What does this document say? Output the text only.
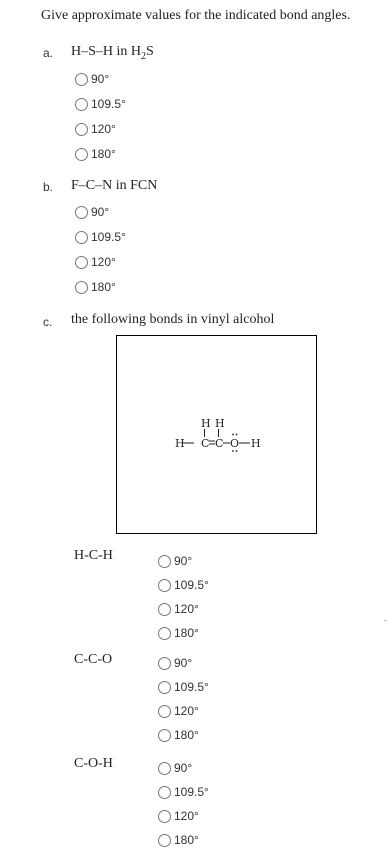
Give approximate values for the indicated bond angles.
a. H–S–H in $H_2S$
90°
109.5°
120°
180°
b. F–C–N in FCN
90°
109.5°
120°
180°
c. the following bonds in vinyl alcohol
H H
H C C O H
H-C-H	90°
109.5°
120°
180°
C-C-O	90°
109.5°
120°
180°
C-O-H	90°
109.5°
120°
180°
